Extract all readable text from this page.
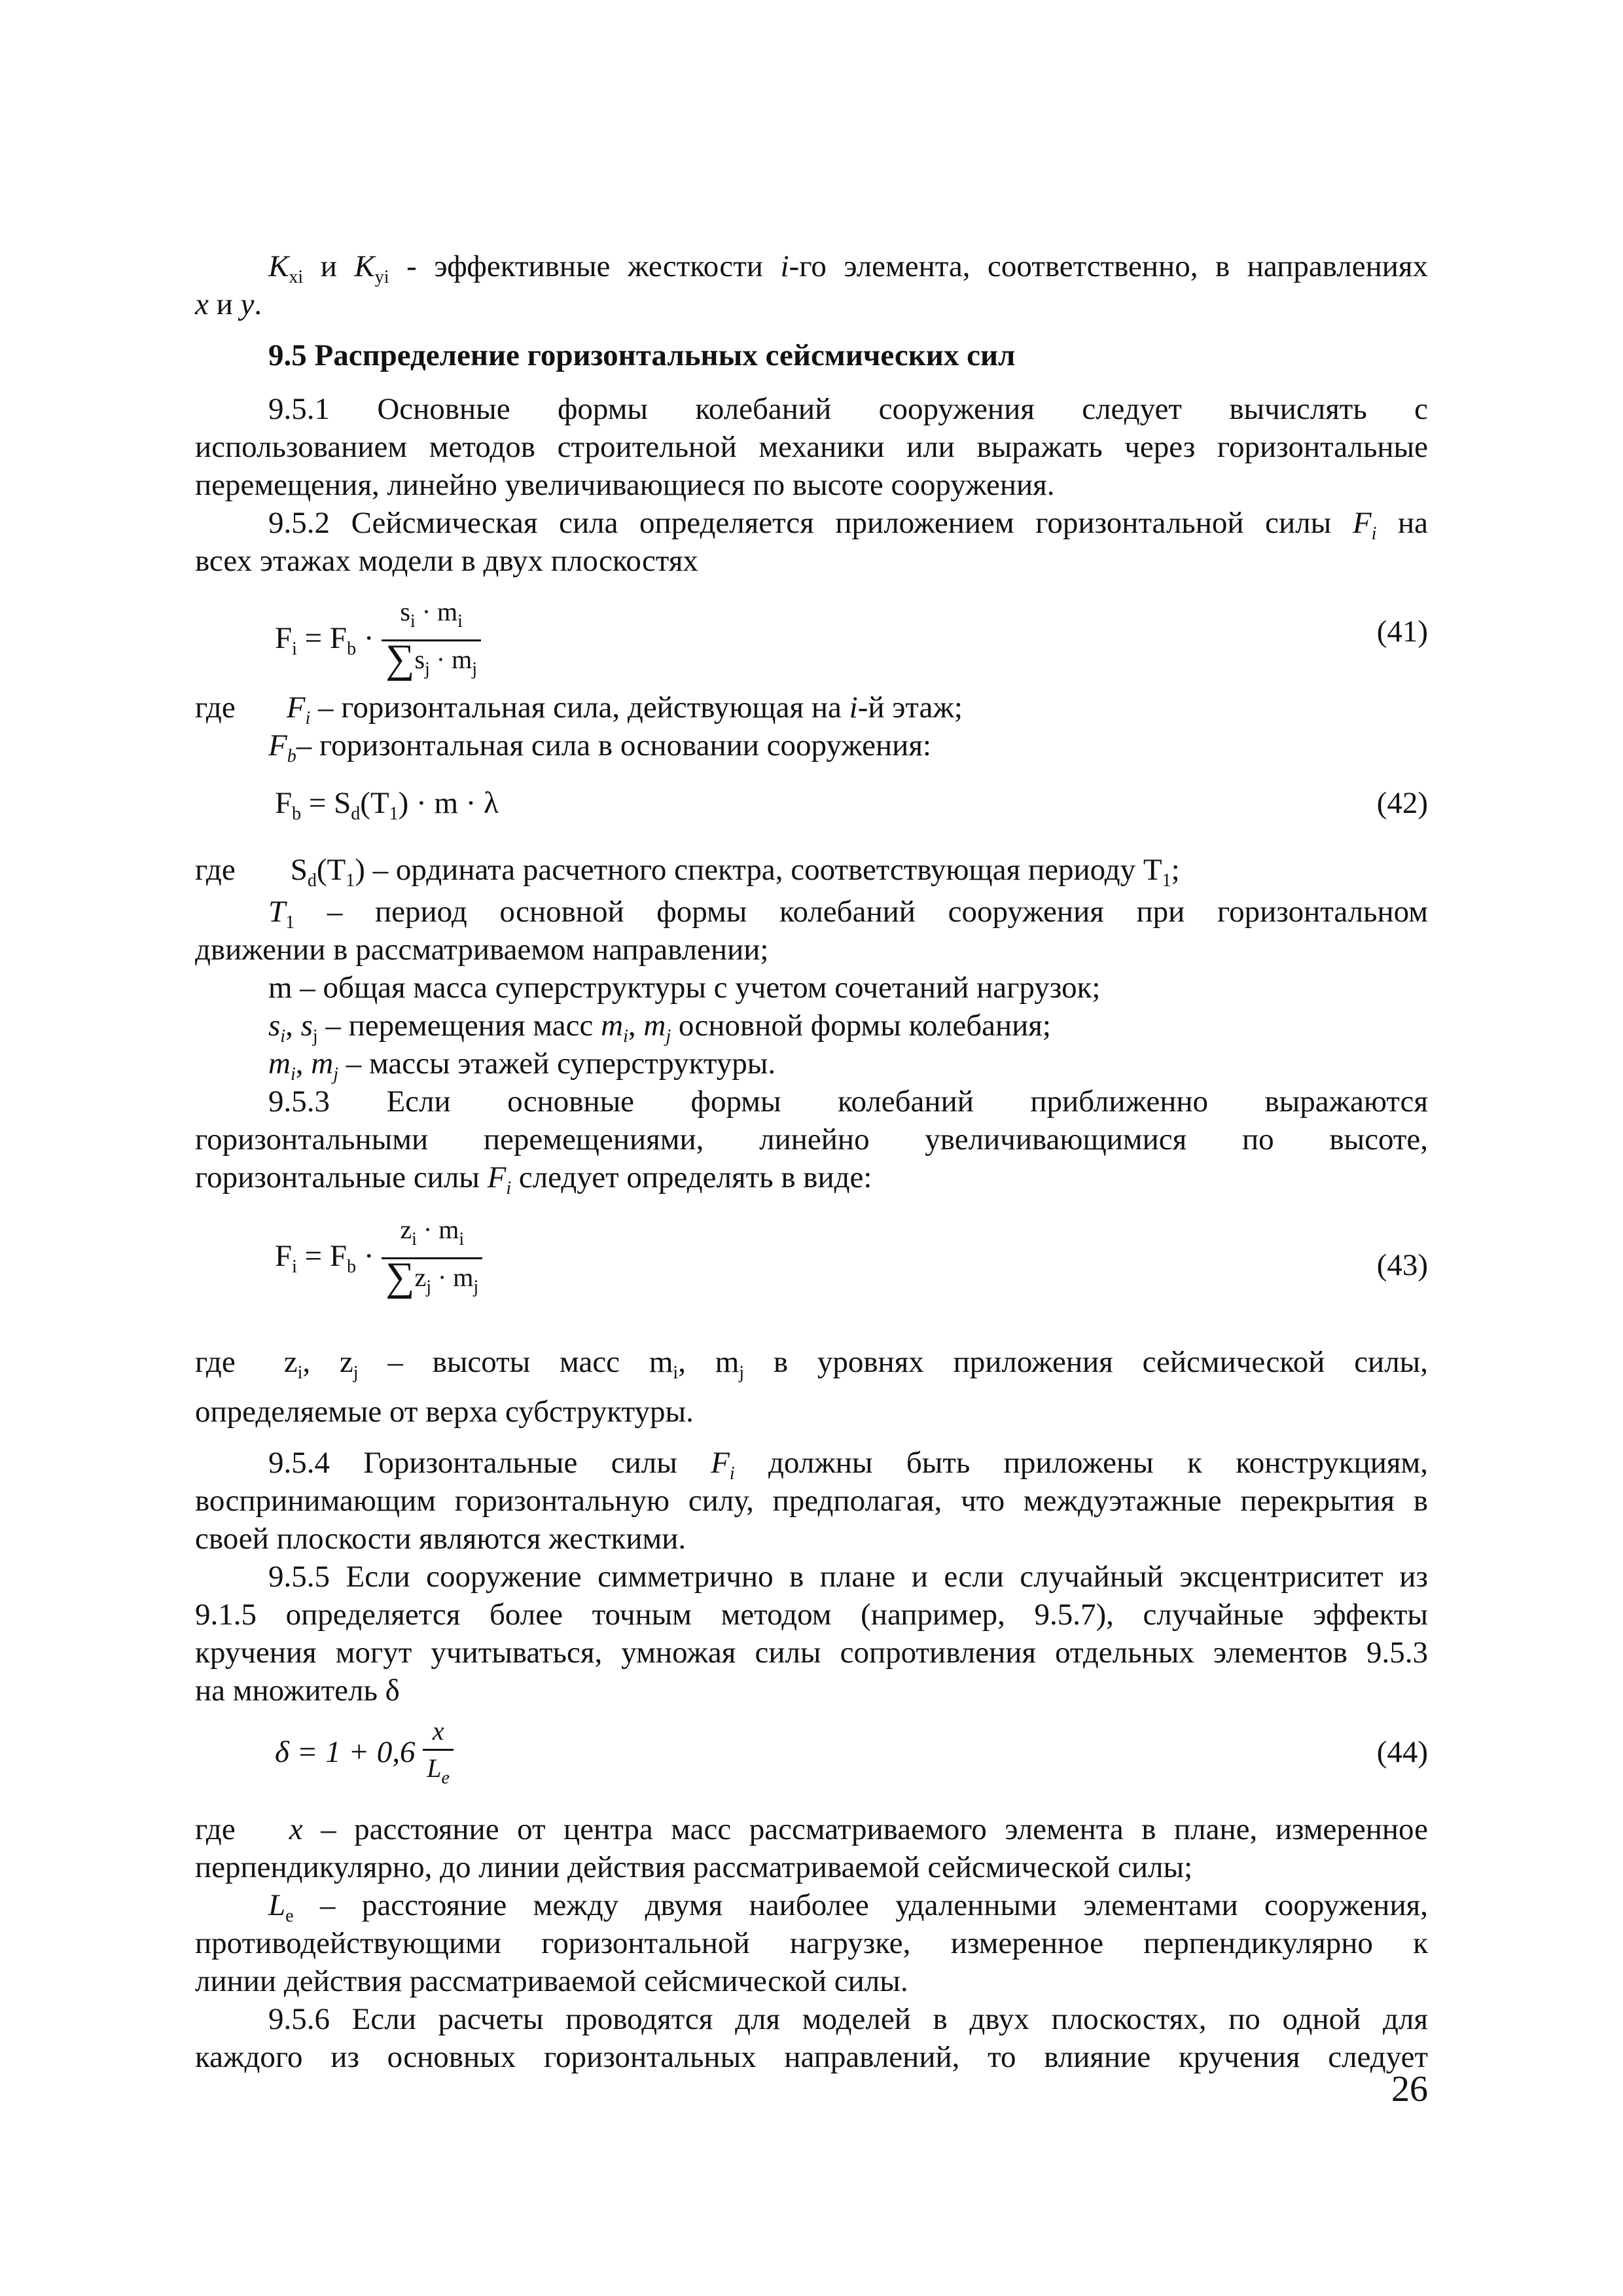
$K_{xi}$ и $K_{yi}$ - эффективные жесткости i-го элемента, соответственно, в направлениях
x и y.
9.5 Распределение горизонтальных сейсмических сил
9.5.1 Основные формы колебаний сооружения следует вычислять с
использованием методов строительной механики или выражать через горизонтальные
перемещения, линейно увеличивающиеся по высоте сооружения.
9.5.2 Сейсмическая сила определяется приложением горизонтальной силы $F_i$ на
всех этажах модели в двух плоскостях
$F_i = F_b \cdot \frac{s_i \cdot m_i}{\sum s_j \cdot m_j}$	(41)
где $F_i$ – горизонтальная сила, действующая на i-й этаж;
$F_b-$ горизонтальная сила в основании сооружения:
$F_b = S_d(T_1) \cdot m \cdot \lambda$	(42)
где $S_d(T_1)$ – ордината расчетного спектра, соответствующая периоду $T_1$;
$T_1$ – период основной формы колебаний сооружения при горизонтальном
движении в рассматриваемом направлении;
m – общая масса суперструктуры с учетом сочетаний нагрузок;
$s_i$, $s_j$ – перемещения масс $m_i$, $m_j$ основной формы колебания;
$m_i$, $m_j$ – массы этажей суперструктуры.
9.5.3 Если основные формы колебаний приближенно выражаются
горизонтальными перемещениями, линейно увеличивающимися по высоте,
горизонтальные силы $F_i$ следует определять в виде:
$F_i = F_b \cdot \frac{z_i \cdot m_i}{\sum z_j \cdot m_j}$	(43)
где $z_i$, $z_j$ – высоты масс $m_i$, $m_j$ в уровнях приложения сейсмической силы,
определяемые от верха субструктуры.
9.5.4 Горизонтальные силы $F_i$ должны быть приложены к конструкциям,
воспринимающим горизонтальную силу, предполагая, что междуэтажные перекрытия в
своей плоскости являются жесткими.
9.5.5 Если сооружение симметрично в плане и если случайный эксцентриситет из
9.1.5 определяется более точным методом (например, 9.5.7), случайные эффекты
кручения могут учитываться, умножая силы сопротивления отдельных элементов 9.5.3
на множитель δ
$\delta = 1 + 0,6 \frac{x}{L_e}$	(44)
где x – расстояние от центра масс рассматриваемого элемента в плане, измеренное
перпендикулярно, до линии действия рассматриваемой сейсмической силы;
$L_e$ – расстояние между двумя наиболее удаленными элементами сооружения,
противодействующими горизонтальной нагрузке, измеренное перпендикулярно к
линии действия рассматриваемой сейсмической силы.
9.5.6 Если расчеты проводятся для моделей в двух плоскостях, по одной для
каждого из основных горизонтальных направлений, то влияние кручения следует
26
